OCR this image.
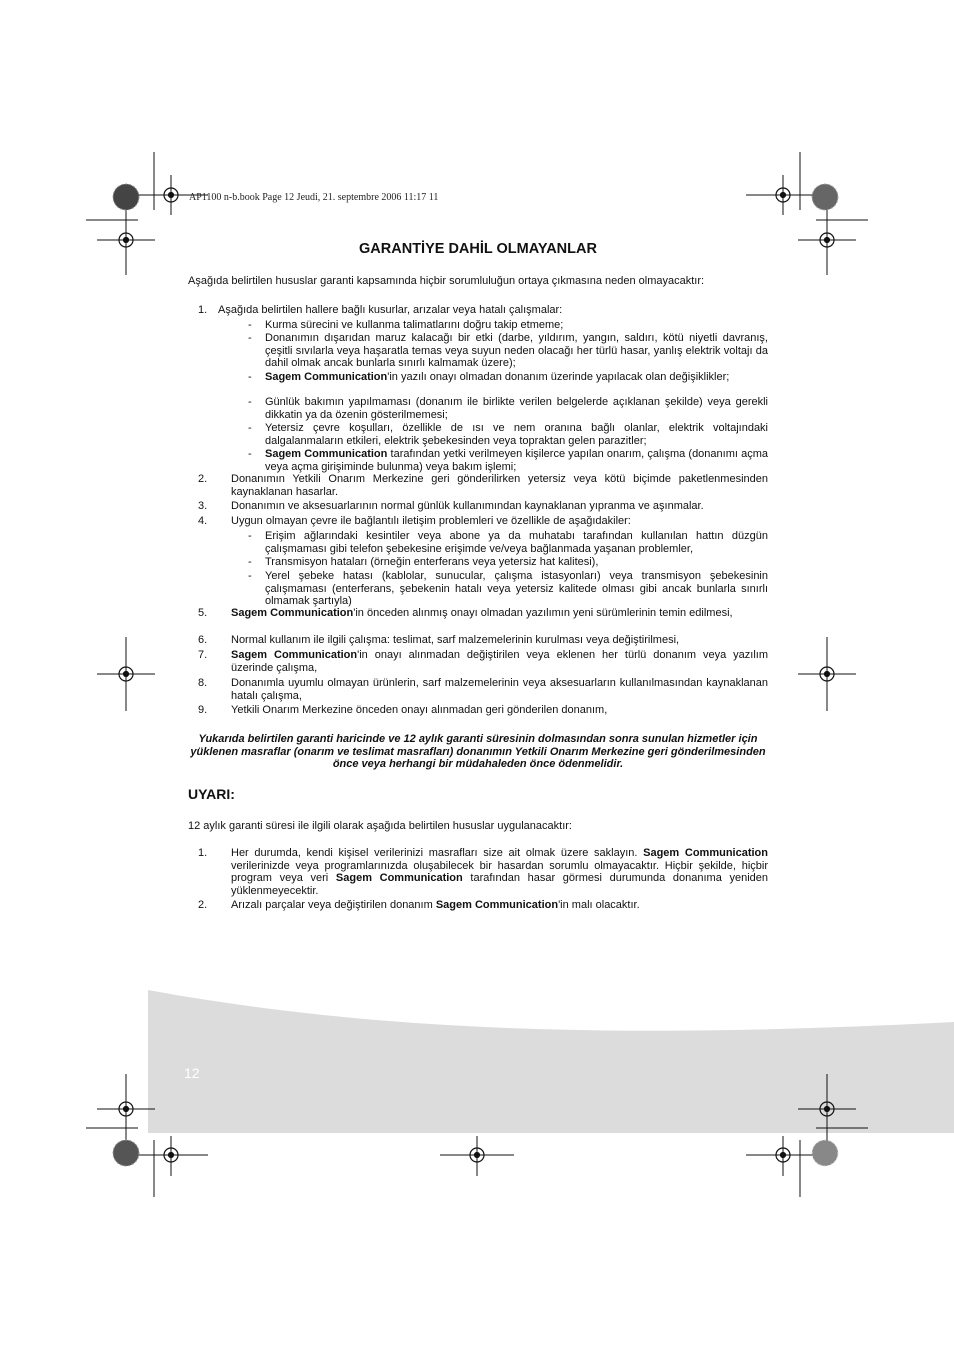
AP1100 n-b.book Page 12 Jeudi, 21. septembre 2006 11:17 11
GARANTİYE DAHİL OLMAYANLAR
Aşağıda belirtilen hususlar garanti kapsamında hiçbir sorumluluğun ortaya çıkmasına neden olmayacaktır:
1. Aşağıda belirtilen hallere bağlı kusurlar, arızalar veya hatalı çalışmalar:
- Kurma sürecini ve kullanma talimatlarını doğru takip etmeme;
- Donanımın dışarıdan maruz kalacağı bir etki (darbe, yıldırım, yangın, saldırı, kötü niyetli davranış, çeşitli sıvılarla veya haşaratla temas veya suyun neden olacağı her türlü hasar, yanlış elektrik voltajı da dahil olmak ancak bunlarla sınırlı kalmamak üzere);
- Sagem Communication'in yazılı onayı olmadan donanım üzerinde yapılacak olan değişiklikler;
- Günlük bakımın yapılmaması (donanım ile birlikte verilen belgelerde açıklanan şekilde) veya gerekli dikkatin ya da özenin gösterilmemesi;
- Yetersiz çevre koşulları, özellikle de ısı ve nem oranına bağlı olanlar, elektrik voltajındaki dalgalanmaların etkileri, elektrik şebekesinden veya topraktan gelen parazitler;
- Sagem Communication tarafından yetki verilmeyen kişilerce yapılan onarım, çalışma (donanımı açma veya açma girişiminde bulunma) veya bakım işlemi;
2.	Donanımın Yetkili Onarım Merkezine geri gönderilirken yetersiz veya kötü biçimde paketlenmesinden kaynaklanan hasarlar.
3.	Donanımın ve aksesuarlarının normal günlük kullanımından kaynaklanan yıpranma ve aşınmalar.
4.	Uygun olmayan çevre ile bağlantılı iletişim problemleri ve özellikle de aşağıdakiler:
- Erişim ağlarındaki kesintiler veya abone ya da muhatabı tarafından kullanılan hattın düzgün çalışmaması gibi telefon şebekesine erişimde ve/veya bağlanmada yaşanan problemler,
- Transmisyon hataları (örneğin enterferans veya yetersiz hat kalitesi),
- Yerel şebeke hatası (kablolar, sunucular, çalışma istasyonları) veya transmisyon şebekesinin çalışmaması (enterferans, şebekenin hatalı veya yetersiz kalitede olması gibi ancak bunlarla sınırlı olmamak şartıyla)
5.	Sagem Communication'in önceden alınmış onayı olmadan yazılımın yeni sürümlerinin temin edilmesi,
6.	Normal kullanım ile ilgili çalışma: teslimat, sarf malzemelerinin kurulması veya değiştirilmesi,
7.	Sagem Communication'in onayı alınmadan değiştirilen veya eklenen her türlü donanım veya yazılım üzerinde çalışma,
8.	Donanımla uyumlu olmayan ürünlerin, sarf malzemelerinin veya aksesuarların kullanılmasından kaynaklanan hatalı çalışma,
9.	Yetkili Onarım Merkezine önceden onayı alınmadan geri gönderilen donanım,
Yukarıda belirtilen garanti haricinde ve 12 aylık garanti süresinin dolmasından sonra sunulan hizmetler için yüklenen masraflar (onarım ve teslimat masrafları) donanımın Yetkili Onarım Merkezine geri gönderilmesinden önce veya herhangi bir müdahaleden önce ödenmelidir.
UYARI:
12 aylık garanti süresi ile ilgili olarak aşağıda belirtilen hususlar uygulanacaktır:
1.	Her durumda, kendi kişisel verilerinizi masrafları size ait olmak üzere saklayın. Sagem Communication verilerinizde veya programlarınızda oluşabilecek bir hasardan sorumlu olmayacaktır. Hiçbir şekilde, hiçbir program veya veri Sagem Communication tarafından hasar görmesi durumunda donanıma yeniden yüklenmeyecektir.
2.	Arızalı parçalar veya değiştirilen donanım Sagem Communication'in malı olacaktır.
12
